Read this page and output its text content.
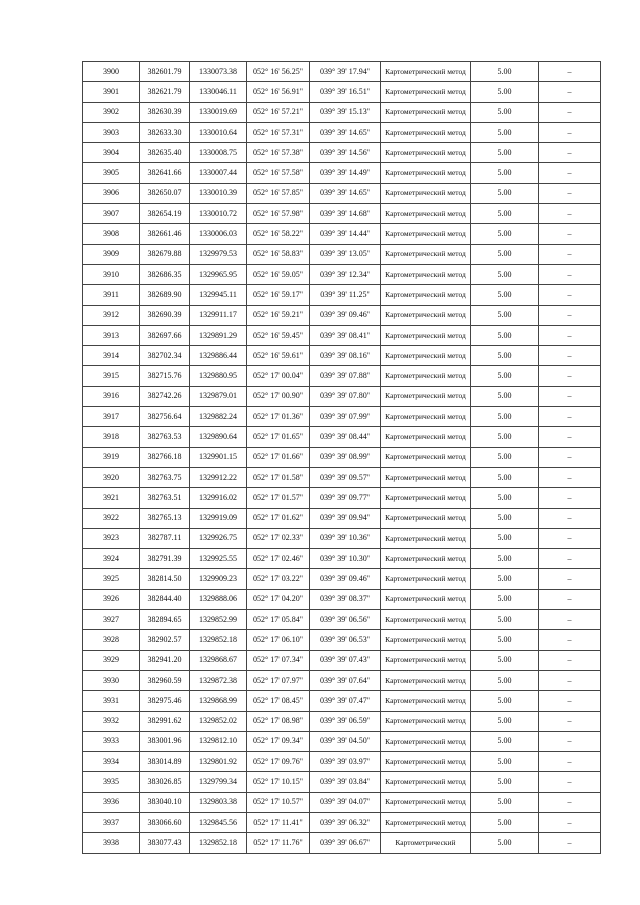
3900	382601.79	1330073.38	052° 16' 56.25"	039° 39' 17.94"	Картометрический метод	5.00	–
3901	382621.79	1330046.11	052° 16' 56.91"	039° 39' 16.51"	Картометрический метод	5.00	–
3902	382630.39	1330019.69	052° 16' 57.21"	039° 39' 15.13"	Картометрический метод	5.00	–
3903	382633.30	1330010.64	052° 16' 57.31"	039° 39' 14.65"	Картометрический метод	5.00	–
3904	382635.40	1330008.75	052° 16' 57.38"	039° 39' 14.56"	Картометрический метод	5.00	–
3905	382641.66	1330007.44	052° 16' 57.58"	039° 39' 14.49"	Картометрический метод	5.00	–
3906	382650.07	1330010.39	052° 16' 57.85"	039° 39' 14.65"	Картометрический метод	5.00	–
3907	382654.19	1330010.72	052° 16' 57.98"	039° 39' 14.68"	Картометрический метод	5.00	–
3908	382661.46	1330006.03	052° 16' 58.22"	039° 39' 14.44"	Картометрический метод	5.00	–
3909	382679.88	1329979.53	052° 16' 58.83"	039° 39' 13.05"	Картометрический метод	5.00	–
3910	382686.35	1329965.95	052° 16' 59.05"	039° 39' 12.34"	Картометрический метод	5.00	–
3911	382689.90	1329945.11	052° 16' 59.17"	039° 39' 11.25"	Картометрический метод	5.00	–
3912	382690.39	1329911.17	052° 16' 59.21"	039° 39' 09.46"	Картометрический метод	5.00	–
3913	382697.66	1329891.29	052° 16' 59.45"	039° 39' 08.41"	Картометрический метод	5.00	–
3914	382702.34	1329886.44	052° 16' 59.61"	039° 39' 08.16"	Картометрический метод	5.00	–
3915	382715.76	1329880.95	052° 17' 00.04"	039° 39' 07.88"	Картометрический метод	5.00	–
3916	382742.26	1329879.01	052° 17' 00.90"	039° 39' 07.80"	Картометрический метод	5.00	–
3917	382756.64	1329882.24	052° 17' 01.36"	039° 39' 07.99"	Картометрический метод	5.00	–
3918	382763.53	1329890.64	052° 17' 01.65"	039° 39' 08.44"	Картометрический метод	5.00	–
3919	382766.18	1329901.15	052° 17' 01.66"	039° 39' 08.99"	Картометрический метод	5.00	–
3920	382763.75	1329912.22	052° 17' 01.58"	039° 39' 09.57"	Картометрический метод	5.00	–
3921	382763.51	1329916.02	052° 17' 01.57"	039° 39' 09.77"	Картометрический метод	5.00	–
3922	382765.13	1329919.09	052° 17' 01.62"	039° 39' 09.94"	Картометрический метод	5.00	–
3923	382787.11	1329926.75	052° 17' 02.33"	039° 39' 10.36"	Картометрический метод	5.00	–
3924	382791.39	1329925.55	052° 17' 02.46"	039° 39' 10.30"	Картометрический метод	5.00	–
3925	382814.50	1329909.23	052° 17' 03.22"	039° 39' 09.46"	Картометрический метод	5.00	–
3926	382844.40	1329888.06	052° 17' 04.20"	039° 39' 08.37"	Картометрический метод	5.00	–
3927	382894.65	1329852.99	052° 17' 05.84"	039° 39' 06.56"	Картометрический метод	5.00	–
3928	382902.57	1329852.18	052° 17' 06.10"	039° 39' 06.53"	Картометрический метод	5.00	–
3929	382941.20	1329868.67	052° 17' 07.34"	039° 39' 07.43"	Картометрический метод	5.00	–
3930	382960.59	1329872.38	052° 17' 07.97"	039° 39' 07.64"	Картометрический метод	5.00	–
3931	382975.46	1329868.99	052° 17' 08.45"	039° 39' 07.47"	Картометрический метод	5.00	–
3932	382991.62	1329852.02	052° 17' 08.98"	039° 39' 06.59"	Картометрический метод	5.00	–
3933	383001.96	1329812.10	052° 17' 09.34"	039° 39' 04.50"	Картометрический метод	5.00	–
3934	383014.89	1329801.92	052° 17' 09.76"	039° 39' 03.97"	Картометрический метод	5.00	–
3935	383026.85	1329799.34	052° 17' 10.15"	039° 39' 03.84"	Картометрический метод	5.00	–
3936	383040.10	1329803.38	052° 17' 10.57"	039° 39' 04.07"	Картометрический метод	5.00	–
3937	383066.60	1329845.56	052° 17' 11.41"	039° 39' 06.32"	Картометрический метод	5.00	–
3938	383077.43	1329852.18	052° 17' 11.76"	039° 39' 06.67"	Картометрический	5.00	–
